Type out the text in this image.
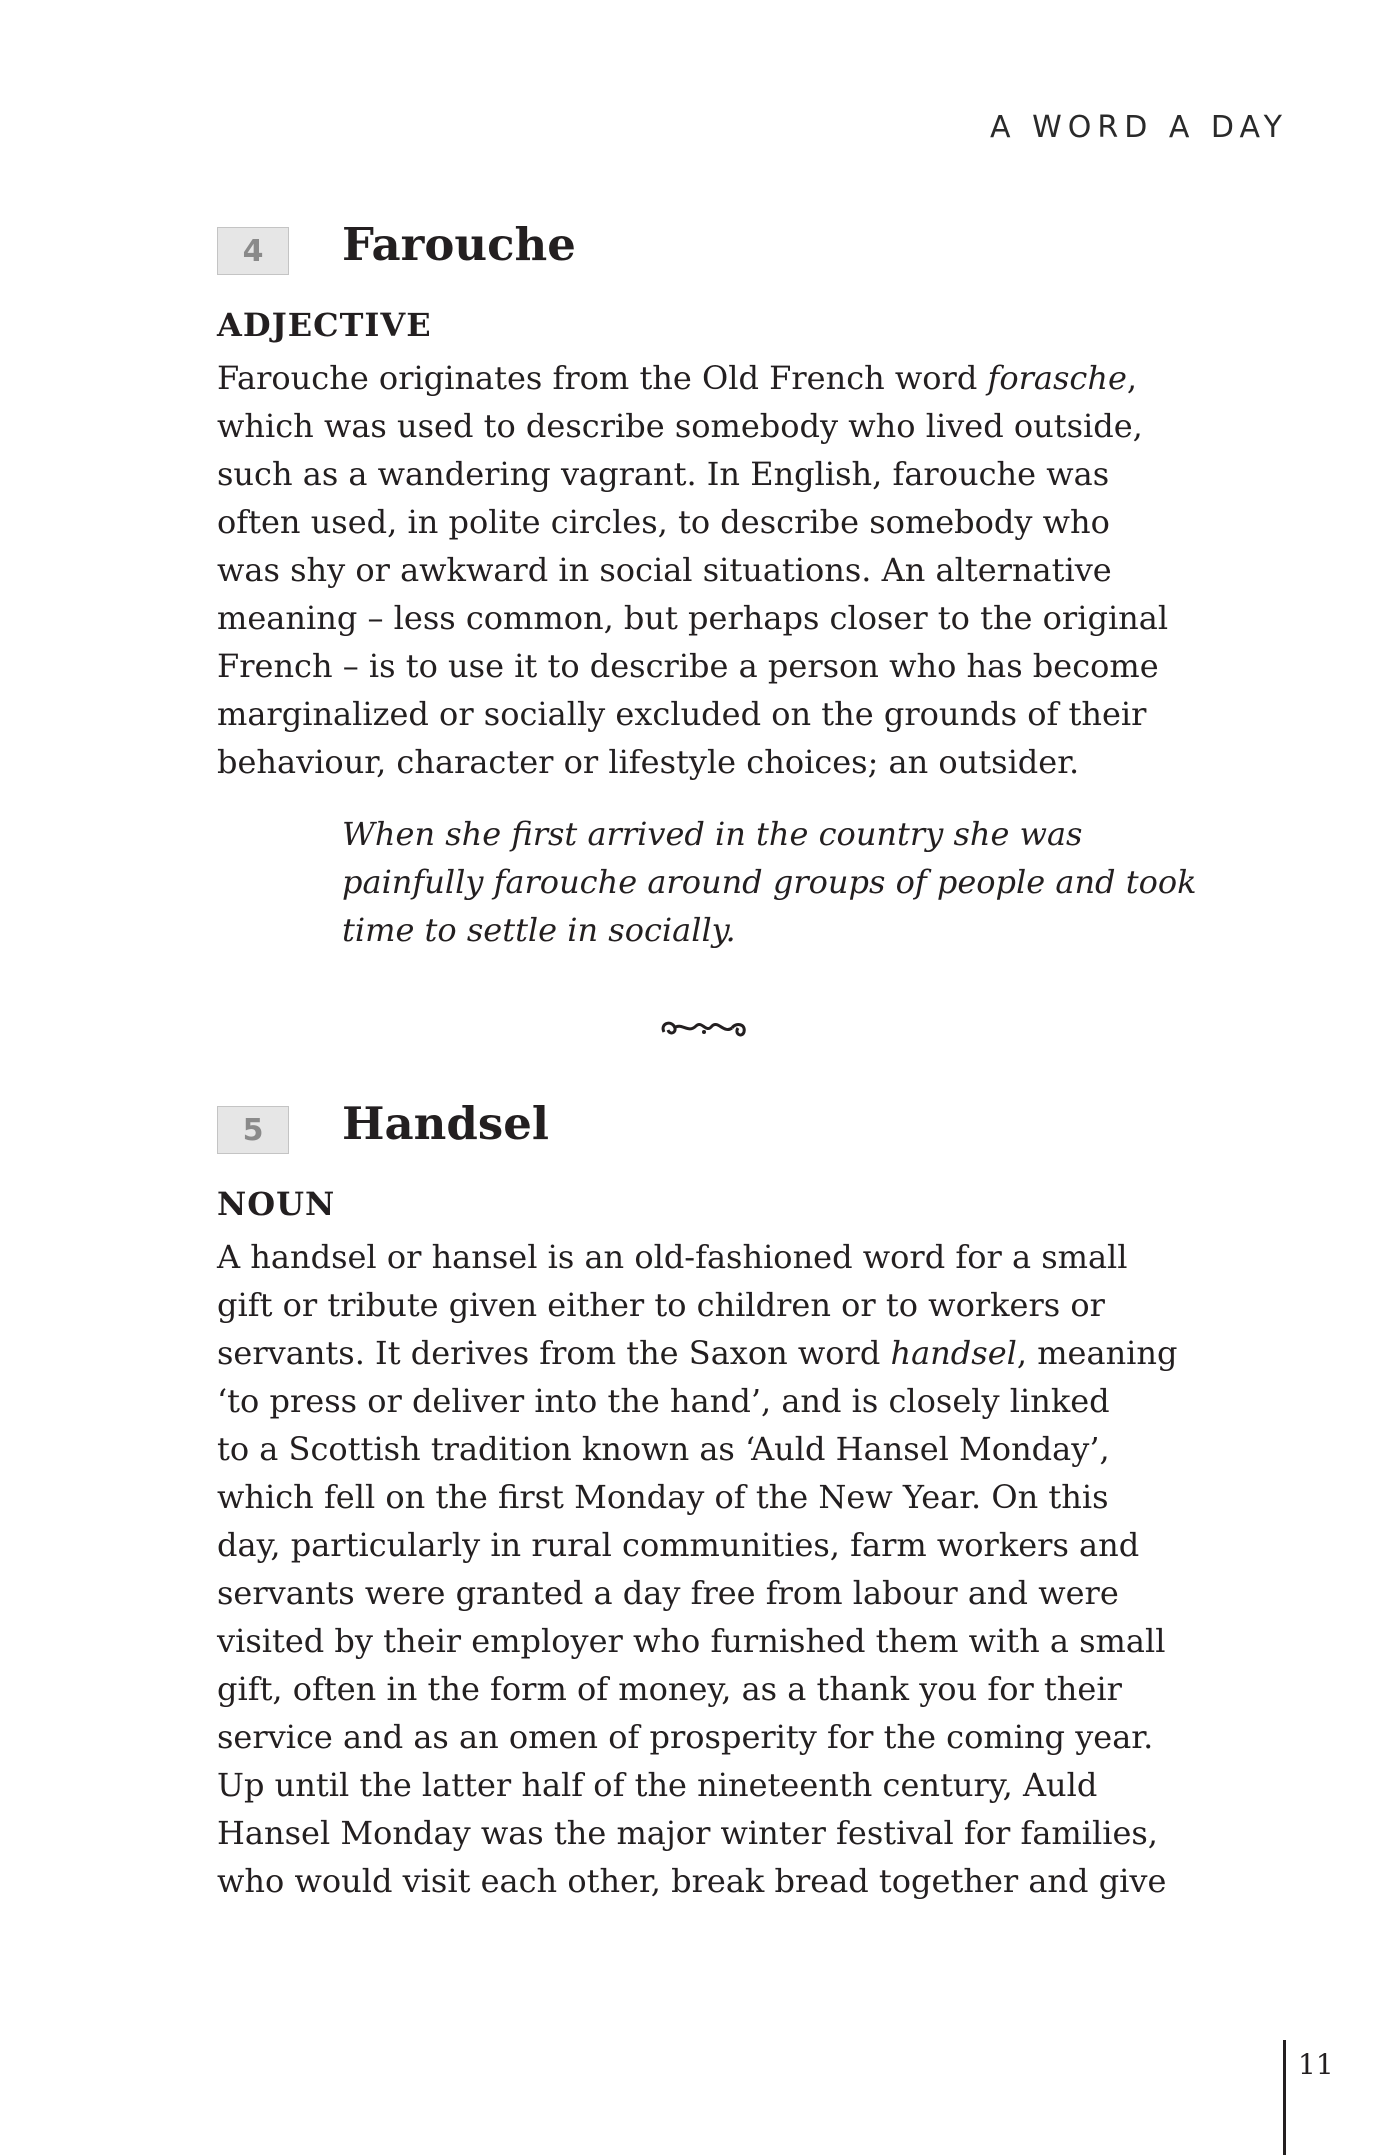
A WORD A DAY
4	Farouche
ADJECTIVE

Farouche originates from the Old French word forasche,

which was used to describe somebody who lived outside,

such as a wandering vagrant. In English, farouche was

often used, in polite circles, to describe somebody who

was shy or awkward in social situations. An alternative

meaning – less common, but perhaps closer to the original

French – is to use it to describe a person who has become

marginalized or socially excluded on the grounds of their

behaviour, character or lifestyle choices; an outsider.

When she first arrived in the country she was

painfully farouche around groups of people and took

time to settle in socially.

5	Handsel
NOUN

A handsel or hansel is an old-fashioned word for a small

gift or tribute given either to children or to workers or

servants. It derives from the Saxon word handsel, meaning

‘to press or deliver into the hand’, and is closely linked

to a Scottish tradition known as ‘Auld Hansel Monday’,

which fell on the first Monday of the New Year. On this

day, particularly in rural communities, farm workers and

servants were granted a day free from labour and were

visited by their employer who furnished them with a small

gift, often in the form of money, as a thank you for their

service and as an omen of prosperity for the coming year.

Up until the latter half of the nineteenth century, Auld

Hansel Monday was the major winter festival for families,

who would visit each other, break bread together and give

11
